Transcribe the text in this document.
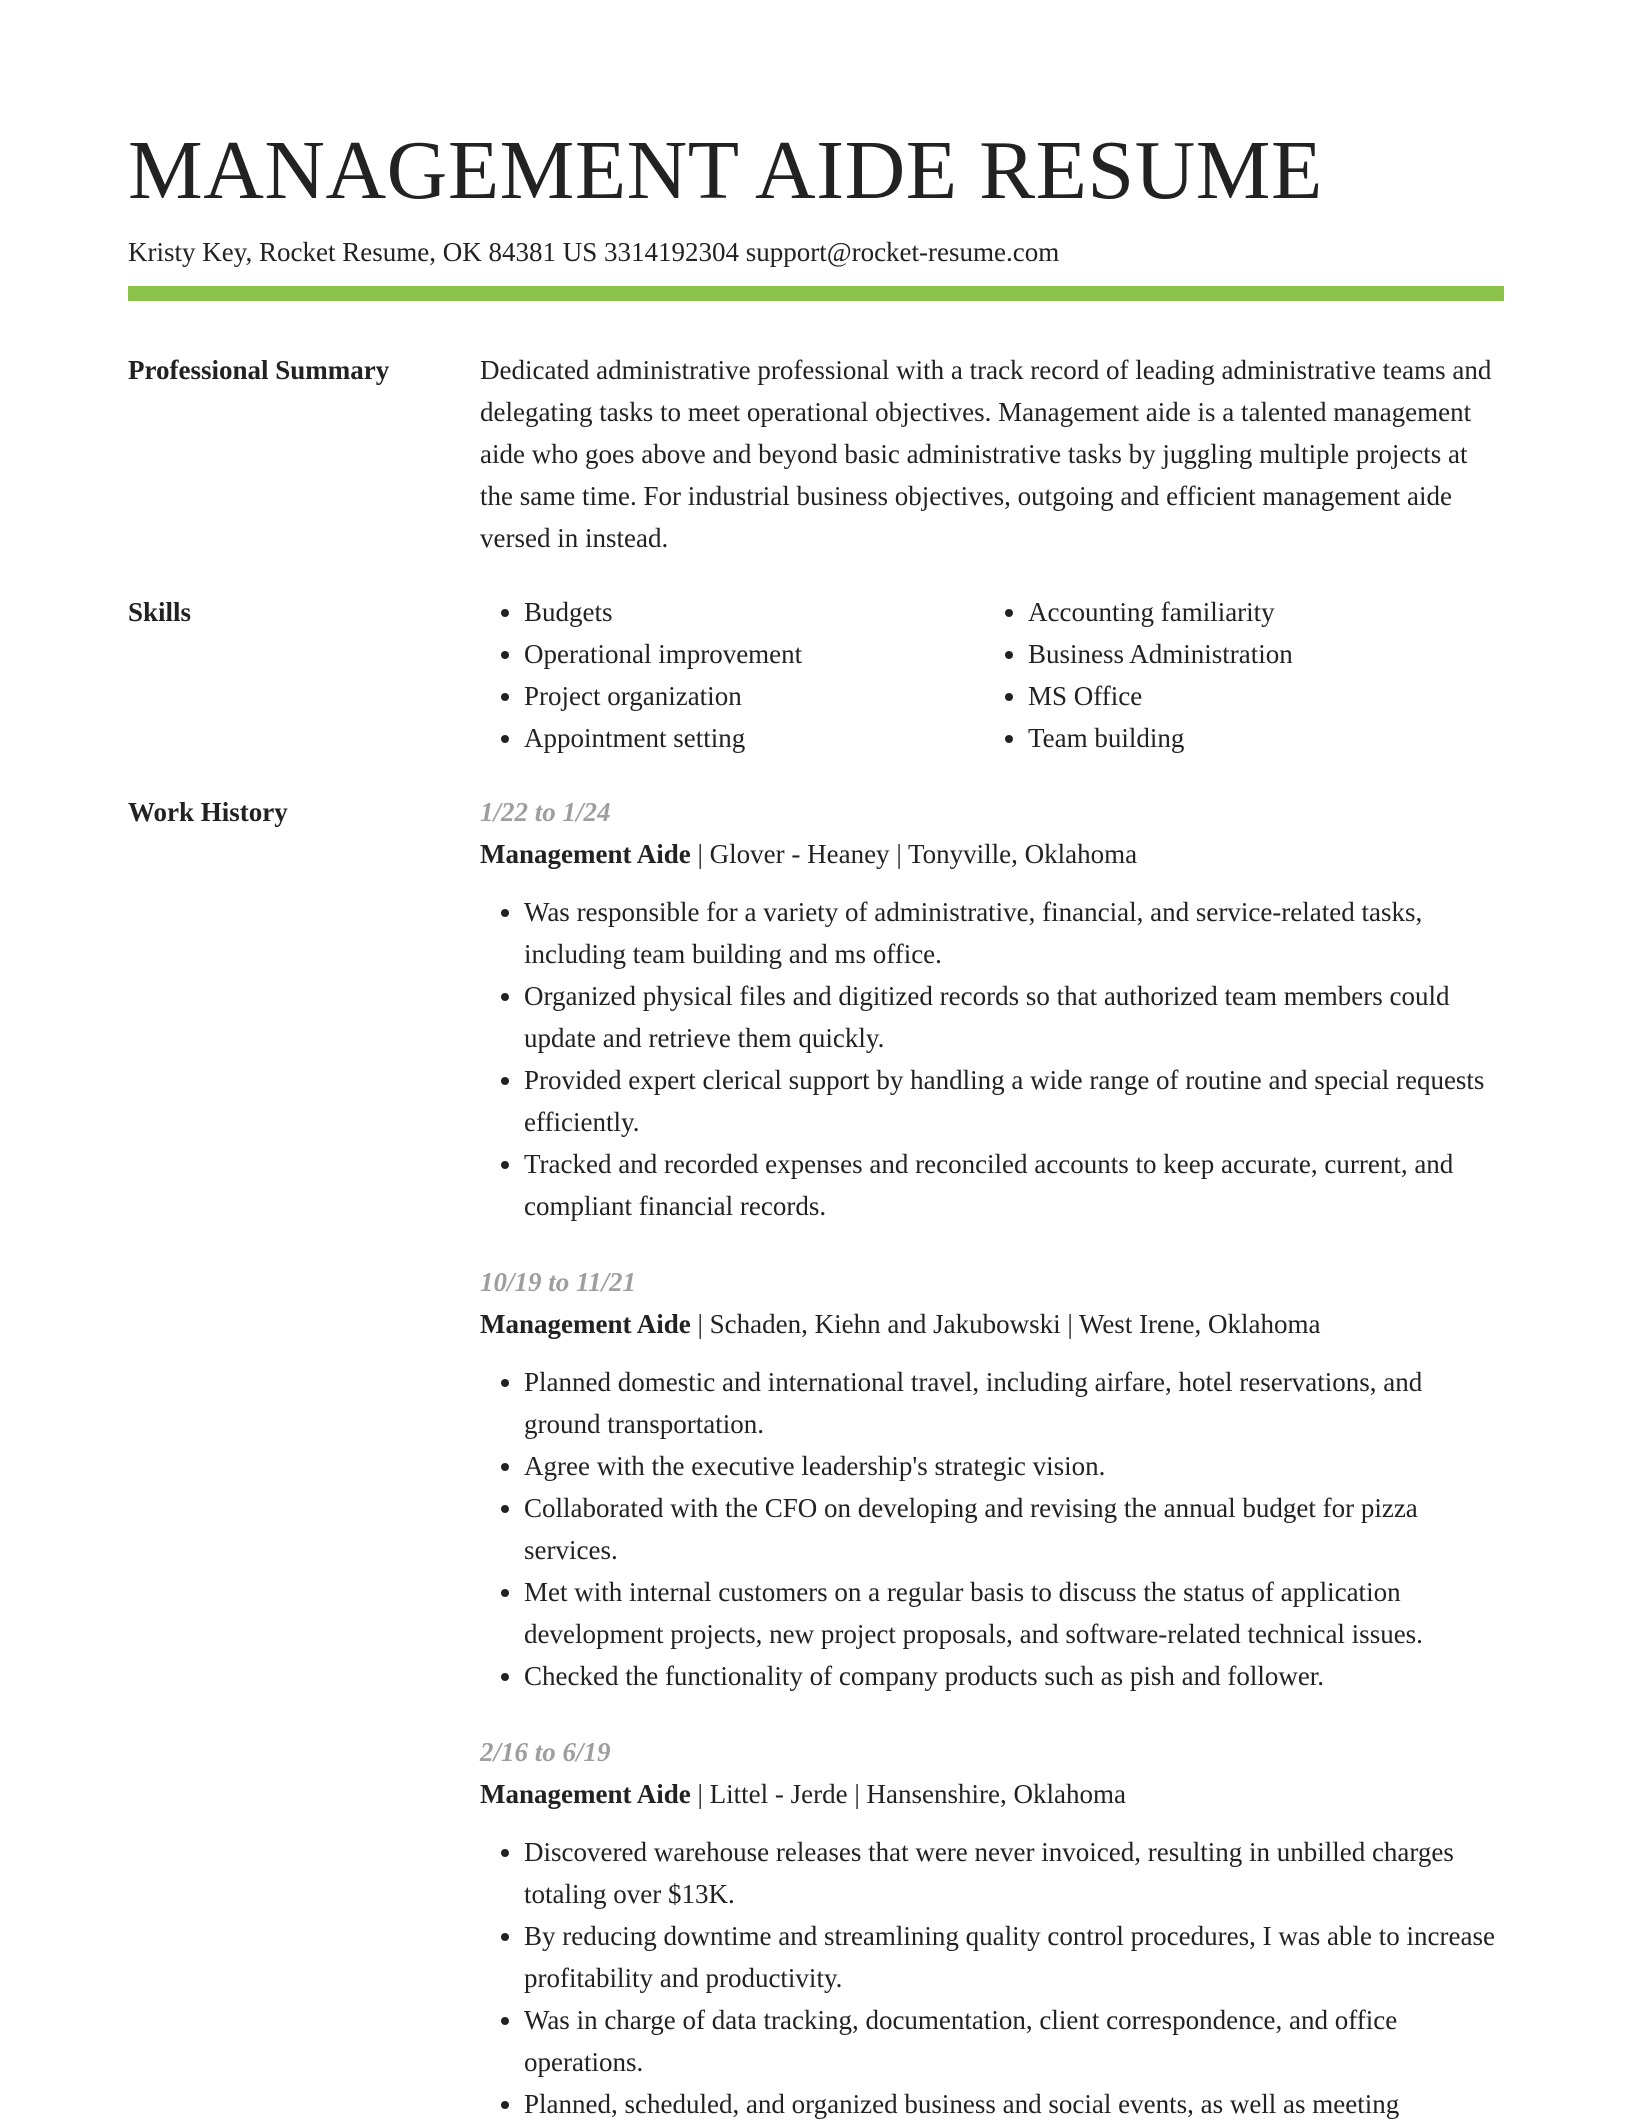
MANAGEMENT AIDE RESUME
Kristy Key, Rocket Resume, OK 84381 US 3314192304 support@rocket-resume.com
Professional Summary	Dedicated administrative professional with a track record of leading administrative teams and delegating tasks to meet operational objectives. Management aide is a talented management aide who goes above and beyond basic administrative tasks by juggling multiple projects at the same time. For industrial business objectives, outgoing and efficient management aide versed in instead.
Skills	• Budgets
• Operational improvement
• Project organization
• Appointment setting
• Accounting familiarity
• Business Administration
• MS Office
• Team building
Work History	1/22 to 1/24
Management Aide | Glover - Heaney | Tonyville, Oklahoma
• Was responsible for a variety of administrative, financial, and service-related tasks, including team building and ms office.
• Organized physical files and digitized records so that authorized team members could update and retrieve them quickly.
• Provided expert clerical support by handling a wide range of routine and special requests efficiently.
• Tracked and recorded expenses and reconciled accounts to keep accurate, current, and compliant financial records.
10/19 to 11/21
Management Aide | Schaden, Kiehn and Jakubowski | West Irene, Oklahoma
• Planned domestic and international travel, including airfare, hotel reservations, and ground transportation.
• Agree with the executive leadership's strategic vision.
• Collaborated with the CFO on developing and revising the annual budget for pizza services.
• Met with internal customers on a regular basis to discuss the status of application development projects, new project proposals, and software-related technical issues.
• Checked the functionality of company products such as pish and follower.
2/16 to 6/19
Management Aide | Littel - Jerde | Hansenshire, Oklahoma
• Discovered warehouse releases that were never invoiced, resulting in unbilled charges totaling over $13K.
• By reducing downtime and streamlining quality control procedures, I was able to increase profitability and productivity.
• Was in charge of data tracking, documentation, client correspondence, and office operations.
• Planned, scheduled, and organized business and social events, as well as meeting
